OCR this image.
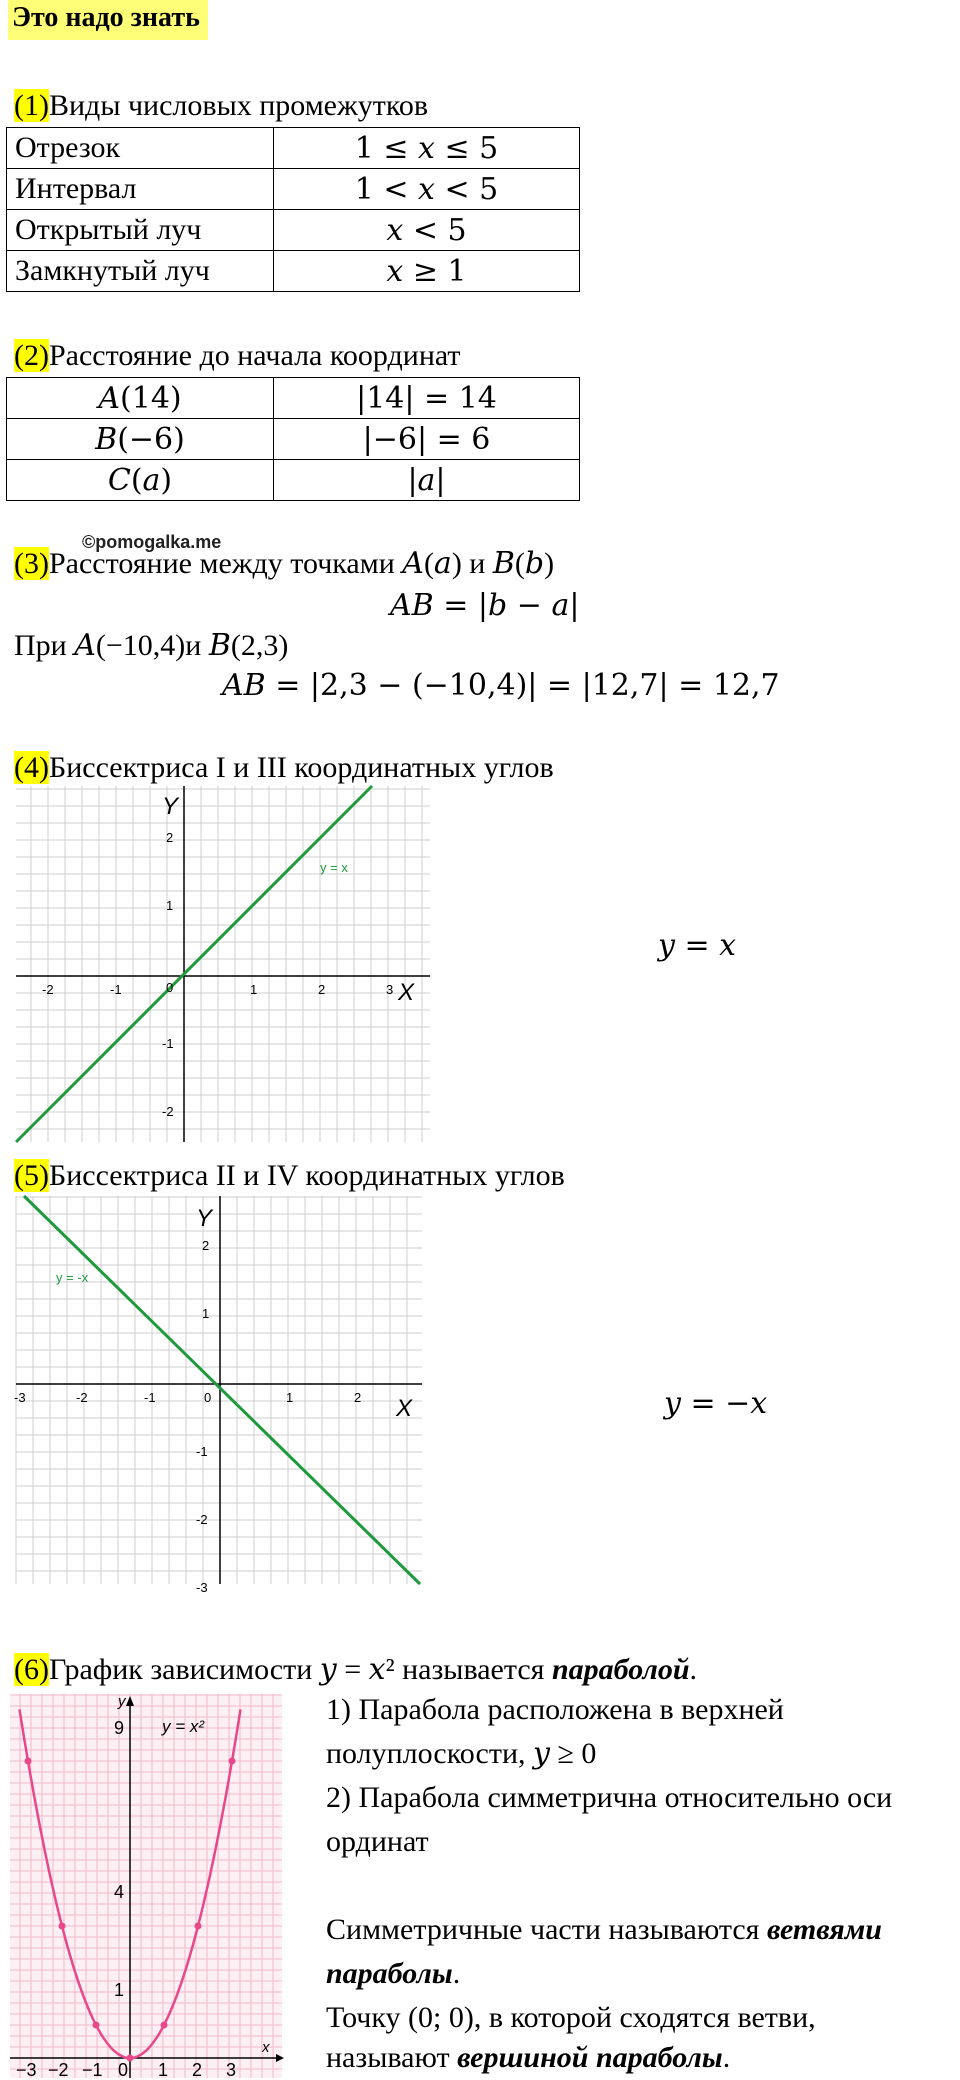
Это надо знать
(1)Виды числовых промежутков
Отрезок	1 ≤ 𝑥 ≤ 5
Интервал	1 < 𝑥 < 5
Открытый луч	𝑥 < 5
Замкнутый луч	𝑥 ≥ 1
(2)Расстояние до начала координат
𝐴(14)	|14| = 14
𝐵(−6)	|−6| = 6
𝐶(𝑎)	|𝑎|
©pomogalka.me
(3)Расстояние между точками 𝐴(𝑎) и 𝐵(𝑏)
𝐴𝐵 = |𝑏 − 𝑎|
При 𝐴(−10,4)и 𝐵(2,3)
𝐴𝐵 = |2,3 − (−10,4)| = |12,7| = 12,7
(4)Биссектриса I и III координатных углов
0
-2	-1	1	2	3
2
1
-1
-2
Y
X
y = x
𝑦 = 𝑥
(5)Биссектриса II и IV координатных углов
-3	-2	-1	0	1	2
2
1
-1
-2
-3
Y
X
y = -x
𝑦 = −𝑥
(6)График зависимости 𝑦 = 𝑥² называется параболой.
−3 −2 −1 0 1 2 3
9
4
1
y
x
y = x²
1) Парабола расположена в верхней
полуплоскости, 𝑦 ≥ 0
2) Парабола симметрична относительно оси
ординат
Симметричные части называются ветвями
параболы.
Точку (0; 0), в которой сходятся ветви,
называют вершиной параболы.
